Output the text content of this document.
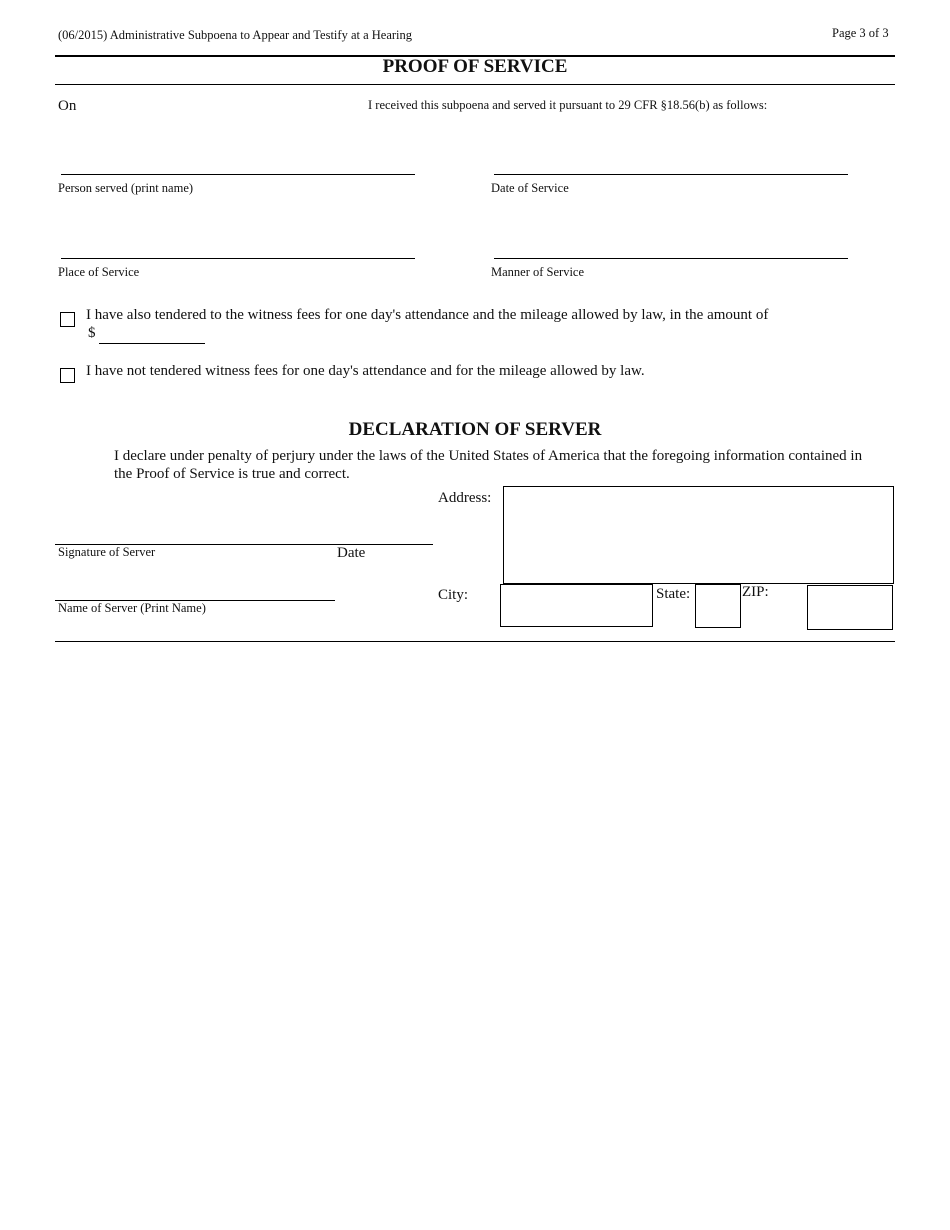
(06/2015) Administrative Subpoena to Appear and Testify at a Hearing	Page 3 of 3
PROOF OF SERVICE
On	I received this subpoena and served it pursuant to 29 CFR §18.56(b) as follows:
Person served (print name)	Date of Service
Place of Service	Manner of Service
I have also tendered to the witness fees for one day's attendance and the mileage allowed by law, in the amount of
$
I have not tendered witness fees for one day's attendance and for the mileage allowed by law.
DECLARATION OF SERVER
I declare under penalty of perjury under the laws of the United States of America that the foregoing information contained in the Proof of Service is true and correct.
Signature of Server	Date
Name of Server (Print Name)
Address:
City:	State:	ZIP:
